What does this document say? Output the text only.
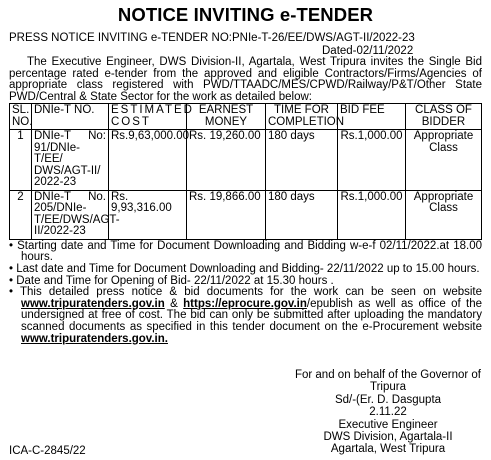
NOTICE INVITING e-TENDER
PRESS NOTICE INVITING e-TENDER NO:PNIe-T-26/EE/DWS/AGT-II/2022-23
Dated-02/11/2022
The Executive Engineer, DWS Division-II, Agartala, West Tripura invites the Single Bid percentage rated e-tender from the approved and eligible Contractors/Firms/Agencies of appropriate class registered with PWD/TTAADC/MES/CPWD/Railway/P&T/Other State PWD/Central & State Sector for the work as detailed below:
SL. NO.	DNIe-T NO.	ESTIMATED COST	EARNEST MONEY	TIME FOR COMPLETION	BID FEE	CLASS OF BIDDER
1	DNIe-T No: 91/DNIe-T/EE/ DWS/AGT-II/ 2022-23	Rs.9,63,000.00	Rs. 19,260.00	180 days	Rs.1,000.00	Appropriate Class
2	DNIe-T No. 205/DNIe-T/EE/DWS/AGT-II/2022-23	Rs. 9,93,316.00	Rs. 19,866.00	180 days	Rs.1,000.00	Appropriate Class
• Starting date and Time for Document Downloading and Bidding w-e-f 02/11/2022.at 18.00 hours.
• Last date and Time for Document Downloading and Bidding- 22/11/2022 up to 15.00 hours.
• Date and Time for Opening of Bid- 22/11/2022 at 15.30 hours .
• This detailed press notice & bid documents for the work can be seen on website www.tripuratenders.gov.in & https://eprocure.gov.in/epublish as well as office of the undersigned at free of cost. The bid can only be submitted after uploading the mandatory scanned documents as specified in this tender document on the e-Procurement website www.tripuratenders.gov.in.
For and on behalf of the Governor of Tripura
Sd/-(Er. D. Dasgupta
2.11.22
Executive Engineer
DWS Division, Agartala-II
Agartala, West Tripura
ICA-C-2845/22
